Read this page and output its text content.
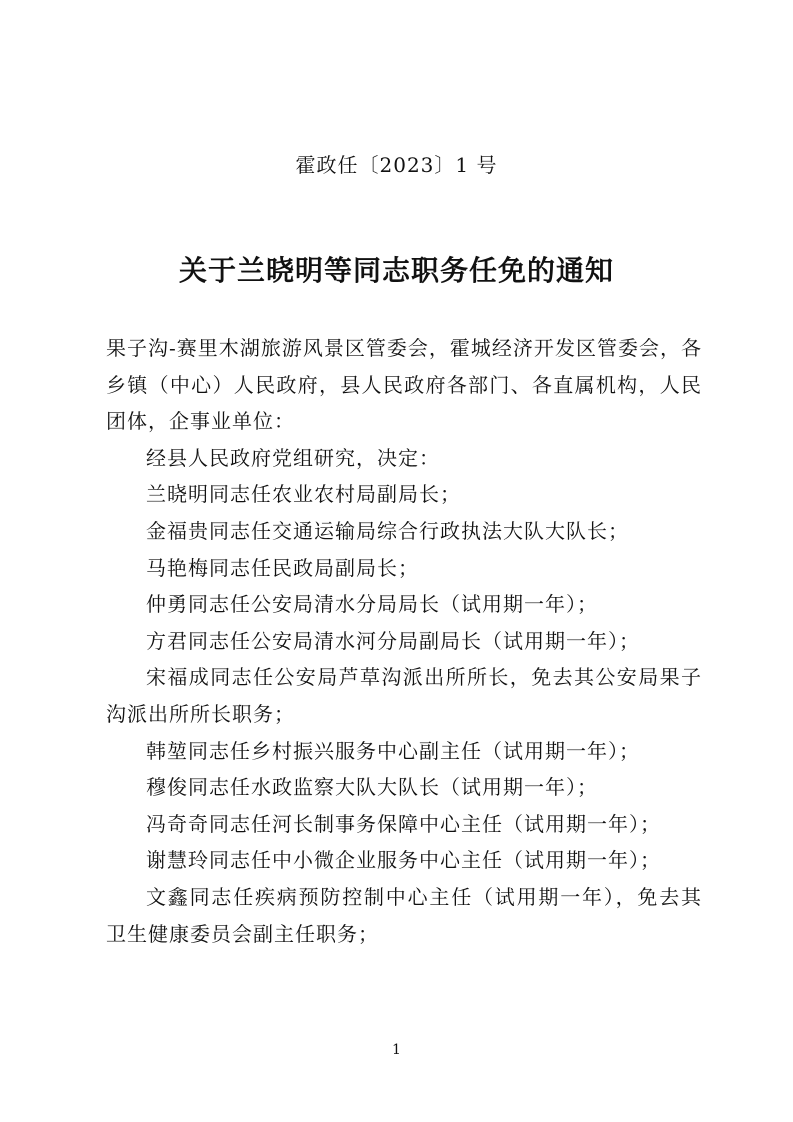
霍政任〔2023〕1 号
关于兰晓明等同志职务任免的通知

果子沟-赛里木湖旅游风景区管委会，霍城经济开发区管委会，各乡镇（中心）人民政府，县人民政府各部门、各直属机构，人民团体，企事业单位：

经县人民政府党组研究，决定：

兰晓明同志任农业农村局副局长；

金福贵同志任交通运输局综合行政执法大队大队长；

马艳梅同志任民政局副局长；

仲勇同志任公安局清水分局局长（试用期一年）；

方君同志任公安局清水河分局副局长（试用期一年）；

宋福成同志任公安局芦草沟派出所所长，免去其公安局果子沟派出所所长职务；

韩堃同志任乡村振兴服务中心副主任（试用期一年）；

穆俊同志任水政监察大队大队长（试用期一年）；

冯奇奇同志任河长制事务保障中心主任（试用期一年）；

谢慧玲同志任中小微企业服务中心主任（试用期一年）；

文鑫同志任疾病预防控制中心主任（试用期一年），免去其卫生健康委员会副主任职务；

1
